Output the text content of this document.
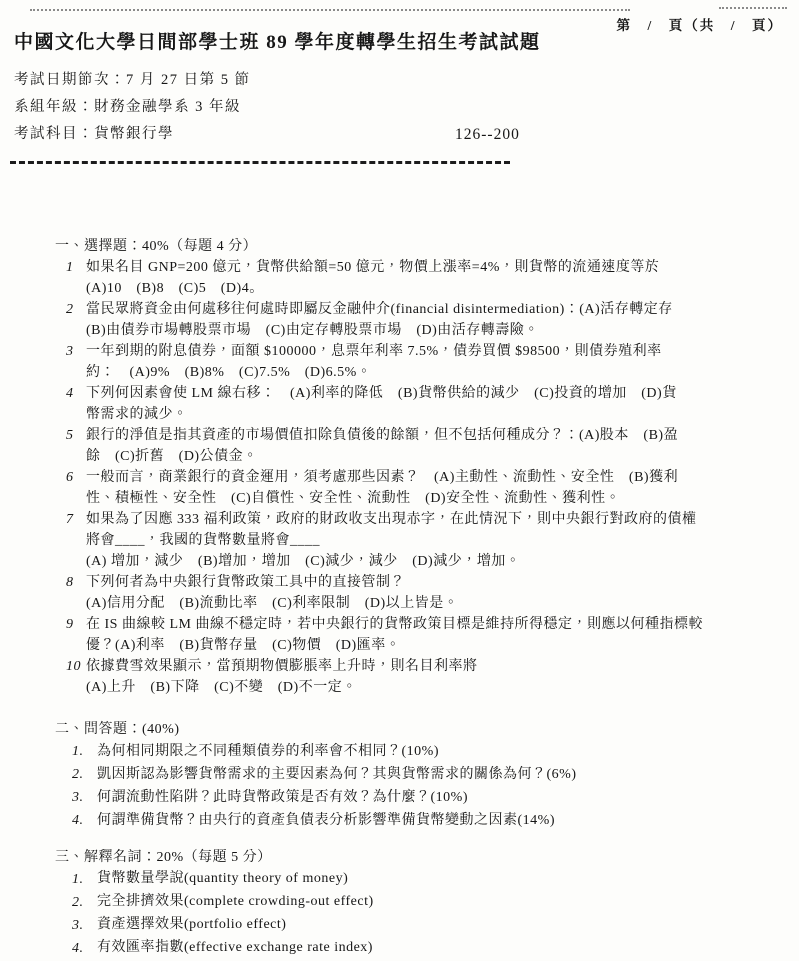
第　/　頁（共　/　頁）
中國文化大學日間部學士班 89 學年度轉學生招生考試試題
考試日期節次：7 月 27 日第 5 節
系組年級：財務金融學系 3 年級
考試科目：貨幣銀行學	126--200
一、選擇題：40%（每題 4 分）
1 如果名目 GNP=200 億元，貨幣供給額=50 億元，物價上漲率=4%，則貨幣的流通速度等於
(A)10　(B)8　(C)5　(D)4。
2 當民眾將資金由何處移往何處時即屬反金融仲介(financial disintermediation)：(A)活存轉定存
(B)由債券市場轉股票市場　(C)由定存轉股票市場　(D)由活存轉壽險。
3 一年到期的附息債券，面額 $100000，息票年利率 7.5%，債券買價 $98500，則債券殖利率
約：　(A)9%　(B)8%　(C)7.5%　(D)6.5%。
4 下列何因素會使 LM 線右移：　(A)利率的降低　(B)貨幣供給的減少　(C)投資的增加　(D)貨
幣需求的減少。
5 銀行的淨值是指其資產的市場價值扣除負債後的餘額，但不包括何種成分？：(A)股本　(B)盈
餘　(C)折舊　(D)公債金。
6 一般而言，商業銀行的資金運用，須考慮那些因素？　(A)主動性、流動性、安全性　(B)獲利
性、積極性、安全性　(C)自償性、安全性、流動性　(D)安全性、流動性、獲利性。
7 如果為了因應 333 福利政策，政府的財政收支出現赤字，在此情況下，則中央銀行對政府的債權
將會____，我國的貨幣數量將會____
(A) 增加，減少　(B)增加，增加　(C)減少，減少　(D)減少，增加。
8 下列何者為中央銀行貨幣政策工具中的直接管制？
(A)信用分配　(B)流動比率　(C)利率限制　(D)以上皆是。
9 在 IS 曲線較 LM 曲線不穩定時，若中央銀行的貨幣政策目標是維持所得穩定，則應以何種指標較
優？(A)利率　(B)貨幣存量　(C)物價　(D)匯率。
10 依據費雪效果顯示，當預期物價膨脹率上升時，則名目利率將
(A)上升　(B)下降　(C)不變　(D)不一定。
二、問答題：(40%)
1. 為何相同期限之不同種類債券的利率會不相同？(10%)
2. 凱因斯認為影響貨幣需求的主要因素為何？其與貨幣需求的關係為何？(6%)
3. 何謂流動性陷阱？此時貨幣政策是否有效？為什麼？(10%)
4. 何謂準備貨幣？由央行的資產負債表分析影響準備貨幣變動之因素(14%)
三、解釋名詞：20%（每題 5 分）
1. 貨幣數量學說(quantity theory of money)
2. 完全排擠效果(complete crowding-out effect)
3. 資產選擇效果(portfolio effect)
4. 有效匯率指數(effective exchange rate index)
